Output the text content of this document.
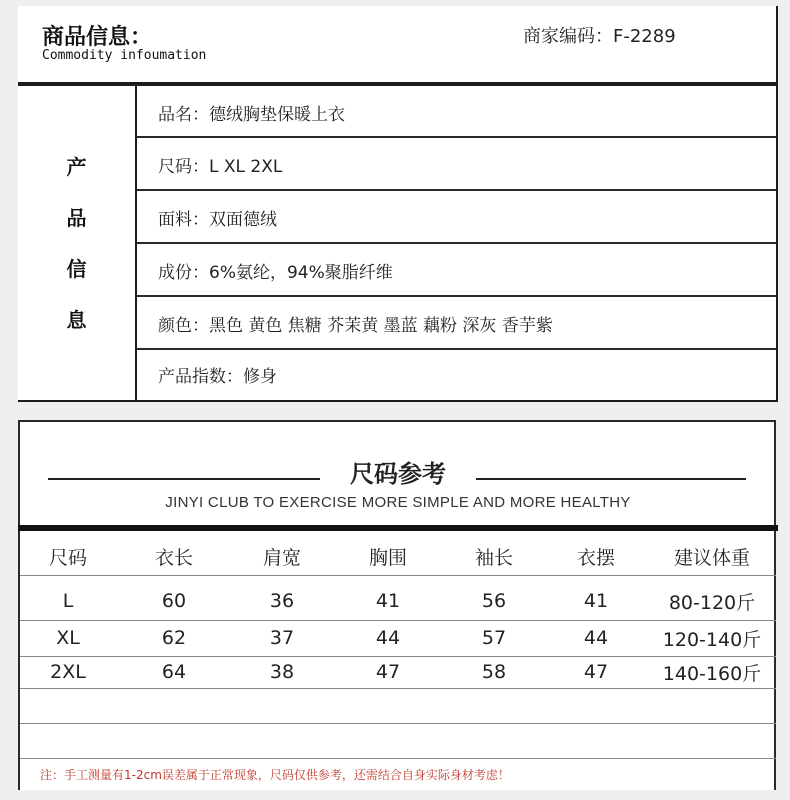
商品信息：
Commodity infoumation
商家编码：F-2289
产
品
信
息
品名：德绒胸垫保暖上衣
尺码：L XL 2XL
面料：双面德绒
成份：6%氨纶，94%聚脂纤维
颜色：黑色 黄色 焦糖 芥茉黄 墨蓝 藕粉 深灰 香芋紫
产品指数：修身
尺码参考
JINYI CLUB TO EXERCISE MORE SIMPLE AND MORE HEALTHY
尺码	衣长	肩宽	胸围	袖长	衣摆	建议体重
L	60	36	41	56	41	80-120斤
XL	62	37	44	57	44	120-140斤
2XL	64	38	47	58	47	140-160斤
注：手工测量有1-2cm误差属于正常现象，尺码仅供参考，还需结合自身实际身材考虑！
